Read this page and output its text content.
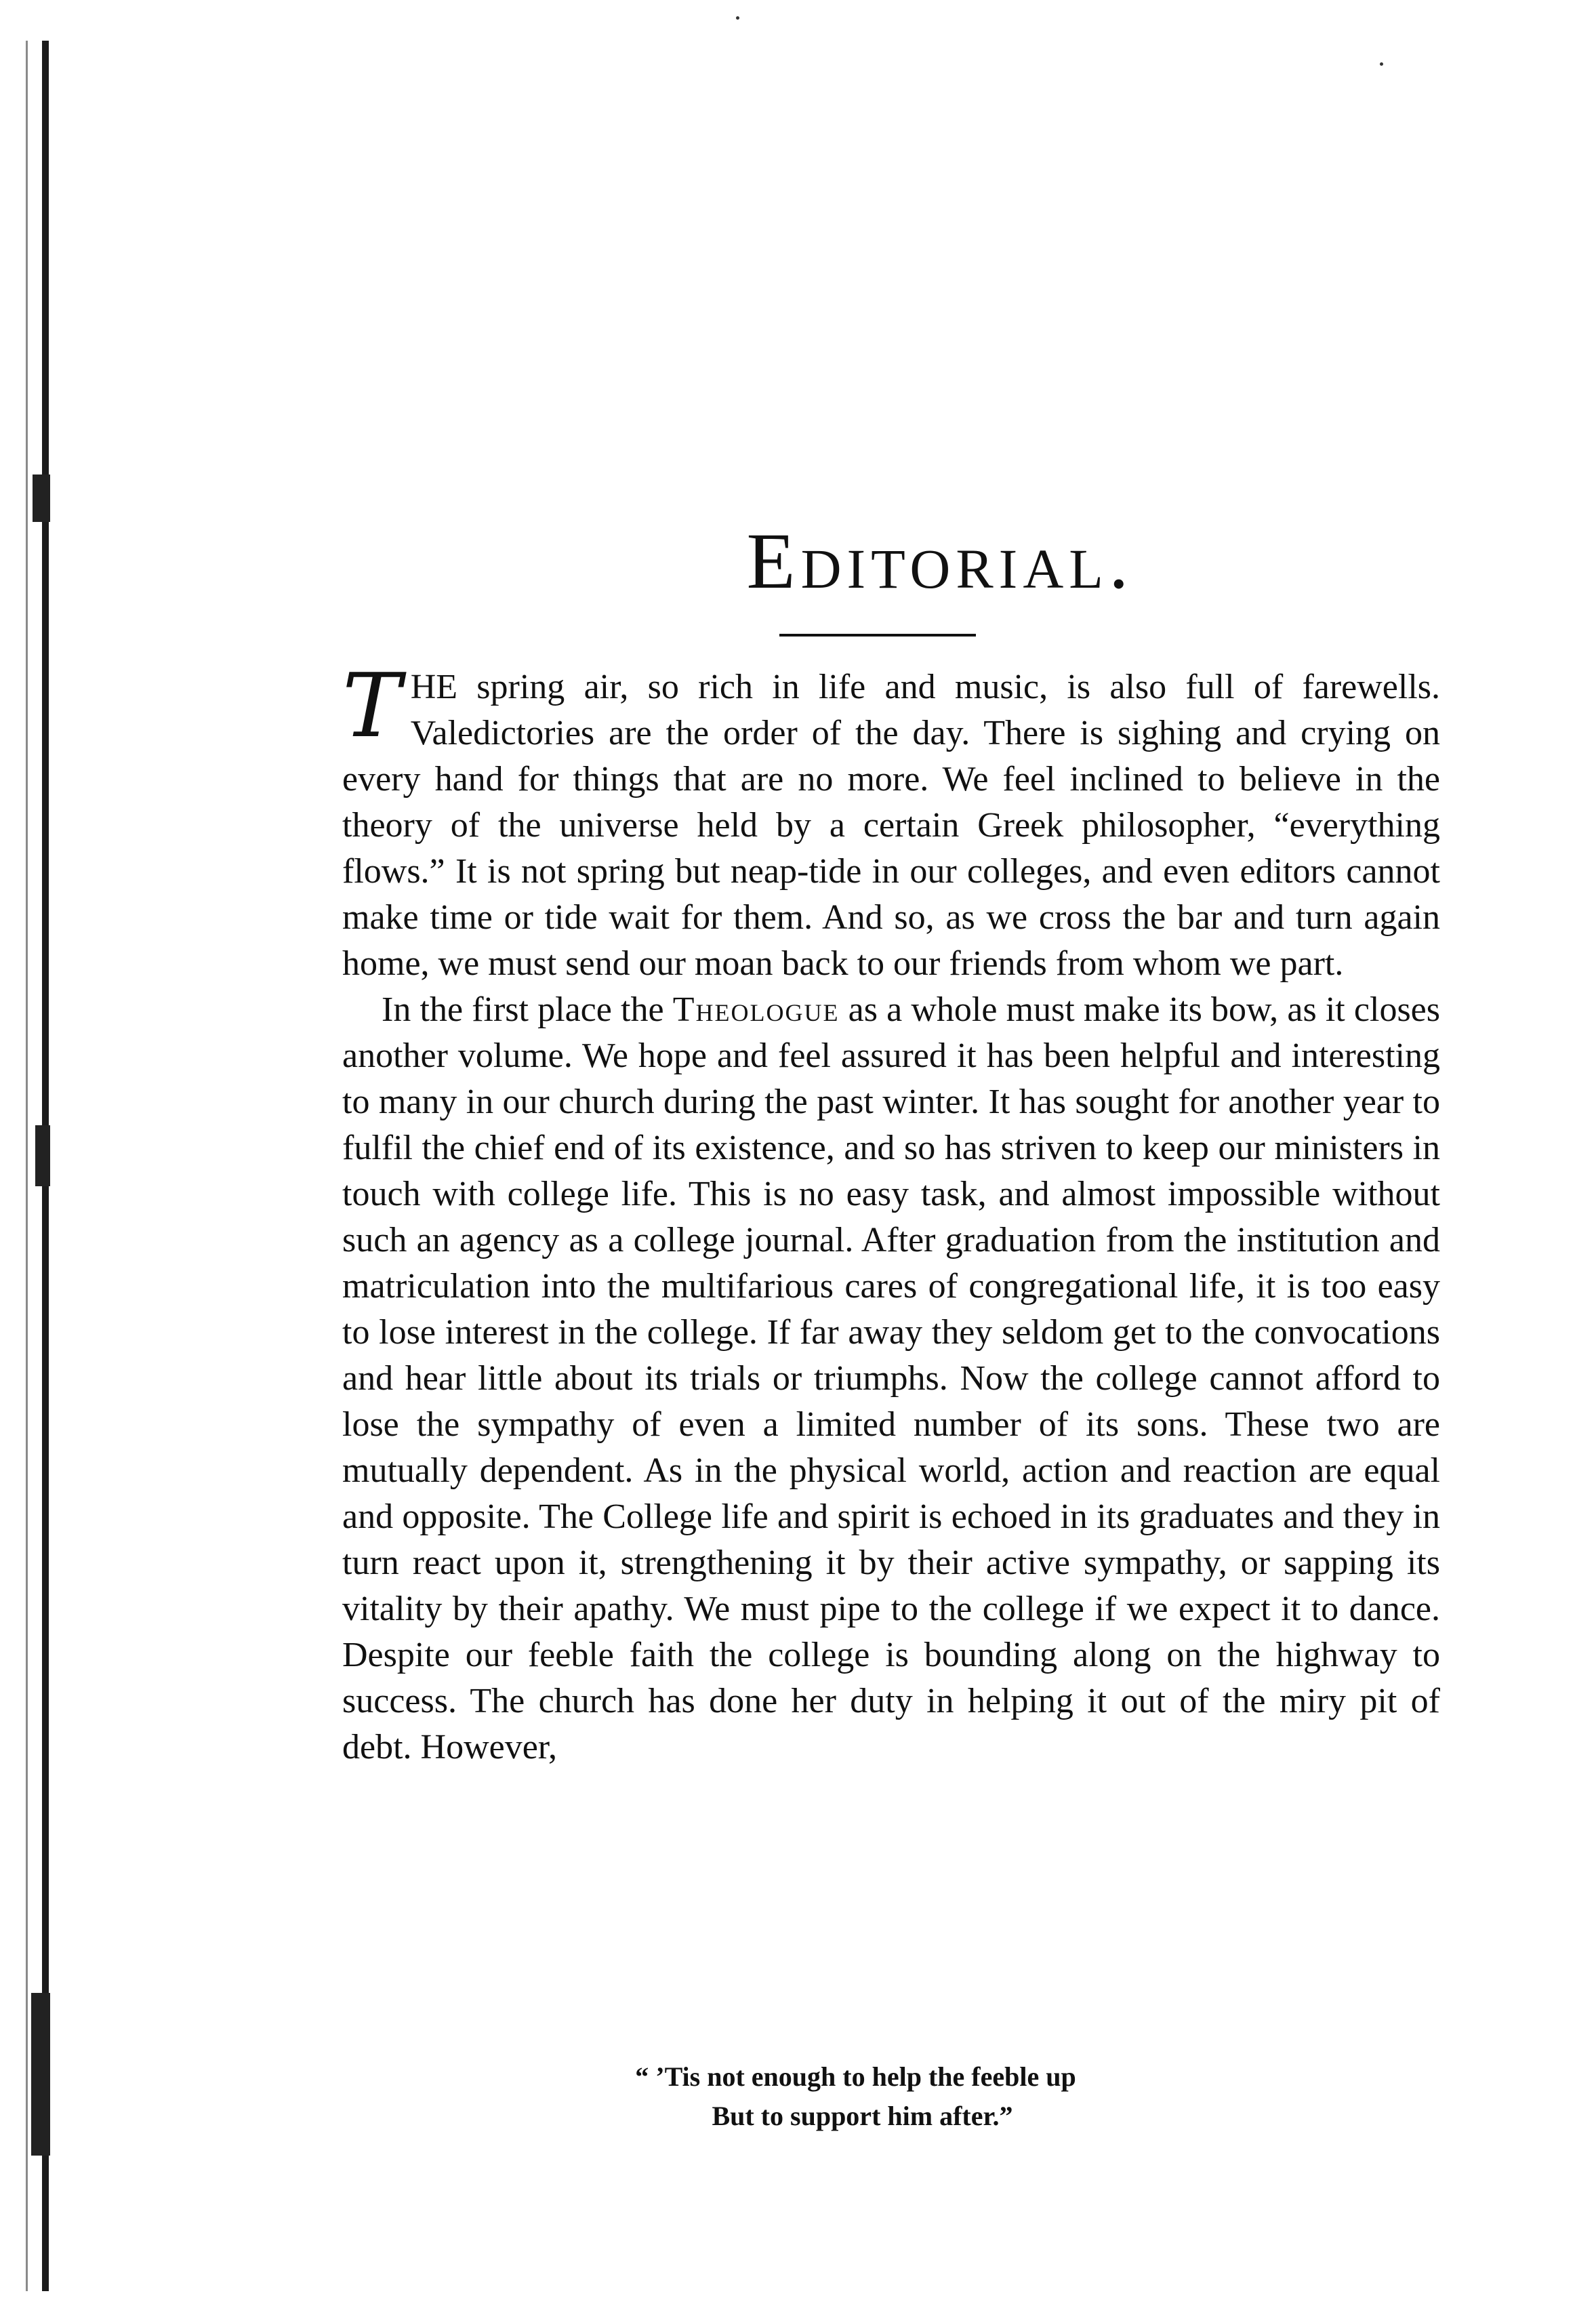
Editorial.

THE spring air, so rich in life and music, is also full of farewells. Valedictories are the order of the day. There is sighing and crying on every hand for things that are no more. We feel inclined to believe in the theory of the universe held by a certain Greek philosopher, “everything flows.” It is not spring but neap-tide in our colleges, and even editors cannot make time or tide wait for them. And so, as we cross the bar and turn again home, we must send our moan back to our friends from whom we part.

In the first place the Theologue as a whole must make its bow, as it closes another volume. We hope and feel assured it has been helpful and interesting to many in our church during the past winter. It has sought for another year to fulfil the chief end of its existence, and so has striven to keep our ministers in touch with college life. This is no easy task, and almost impossible without such an agency as a college journal. After graduation from the institution and matriculation into the multifarious cares of congregational life, it is too easy to lose interest in the college. If far away they seldom get to the convocations and hear little about its trials or triumphs. Now the college cannot afford to lose the sympathy of even a limited number of its sons. These two are mutually dependent. As in the physical world, action and reaction are equal and opposite. The College life and spirit is echoed in its graduates and they in turn react upon it, strengthening it by their active sympathy, or sapping its vitality by their apathy. We must pipe to the college if we expect it to dance. Despite our feeble faith the college is bounding along on the highway to success. The church has done her duty in helping it out of the miry pit of debt. However,

“ ’Tis not enough to help the feeble up
But to support him after.”
